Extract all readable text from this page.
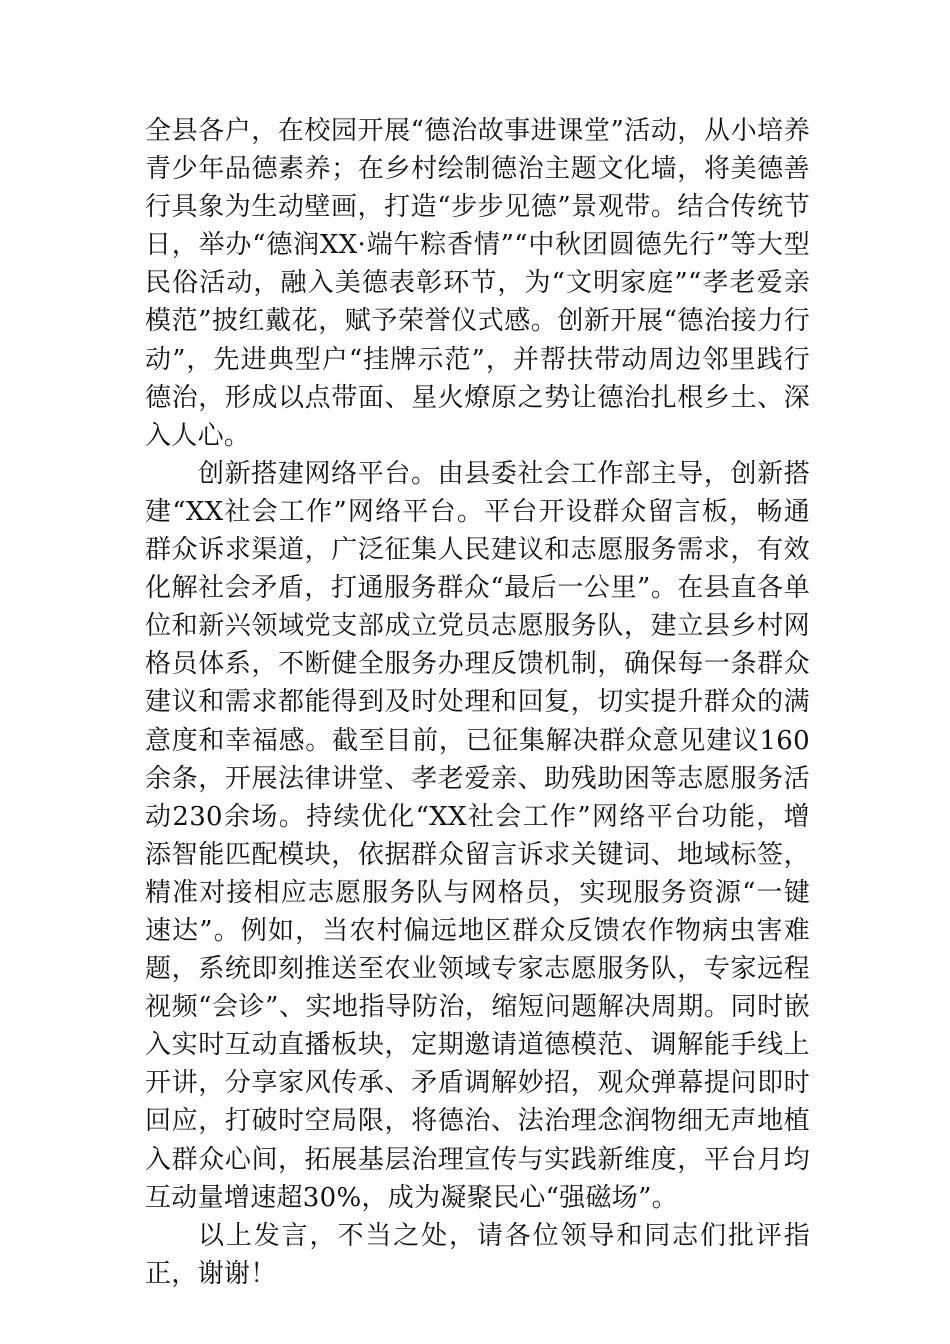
全县各户，在校园开展“德治故事进课堂”活动，从小培养青少年品德素养；在乡村绘制德治主题文化墙，将美德善行具象为生动壁画，打造“步步见德”景观带。结合传统节日，举办“德润XX·端午粽香情”“中秋团圆德先行”等大型民俗活动，融入美德表彰环节，为“文明家庭”“孝老爱亲模范”披红戴花，赋予荣誉仪式感。创新开展“德治接力行动”，先进典型户“挂牌示范”，并帮扶带动周边邻里践行德治，形成以点带面、星火燎原之势让德治扎根乡土、深入人心。

创新搭建网络平台。由县委社会工作部主导，创新搭建“XX社会工作”网络平台。平台开设群众留言板，畅通群众诉求渠道，广泛征集人民建议和志愿服务需求，有效化解社会矛盾，打通服务群众“最后一公里”。在县直各单位和新兴领域党支部成立党员志愿服务队，建立县乡村网格员体系，不断健全服务办理反馈机制，确保每一条群众建议和需求都能得到及时处理和回复，切实提升群众的满意度和幸福感。截至目前，已征集解决群众意见建议160余条，开展法律讲堂、孝老爱亲、助残助困等志愿服务活动230余场。持续优化“XX社会工作”网络平台功能，增添智能匹配模块，依据群众留言诉求关键词、地域标签，精准对接相应志愿服务队与网格员，实现服务资源“一键速达”。例如，当农村偏远地区群众反馈农作物病虫害难题，系统即刻推送至农业领域专家志愿服务队，专家远程视频“会诊”、实地指导防治，缩短问题解决周期。同时嵌入实时互动直播板块，定期邀请道德模范、调解能手线上开讲，分享家风传承、矛盾调解妙招，观众弹幕提问即时回应，打破时空局限，将德治、法治理念润物细无声地植入群众心间，拓展基层治理宣传与实践新维度，平台月均互动量增速超30%，成为凝聚民心“强磁场”。

以上发言，不当之处，请各位领导和同志们批评指正，谢谢！
